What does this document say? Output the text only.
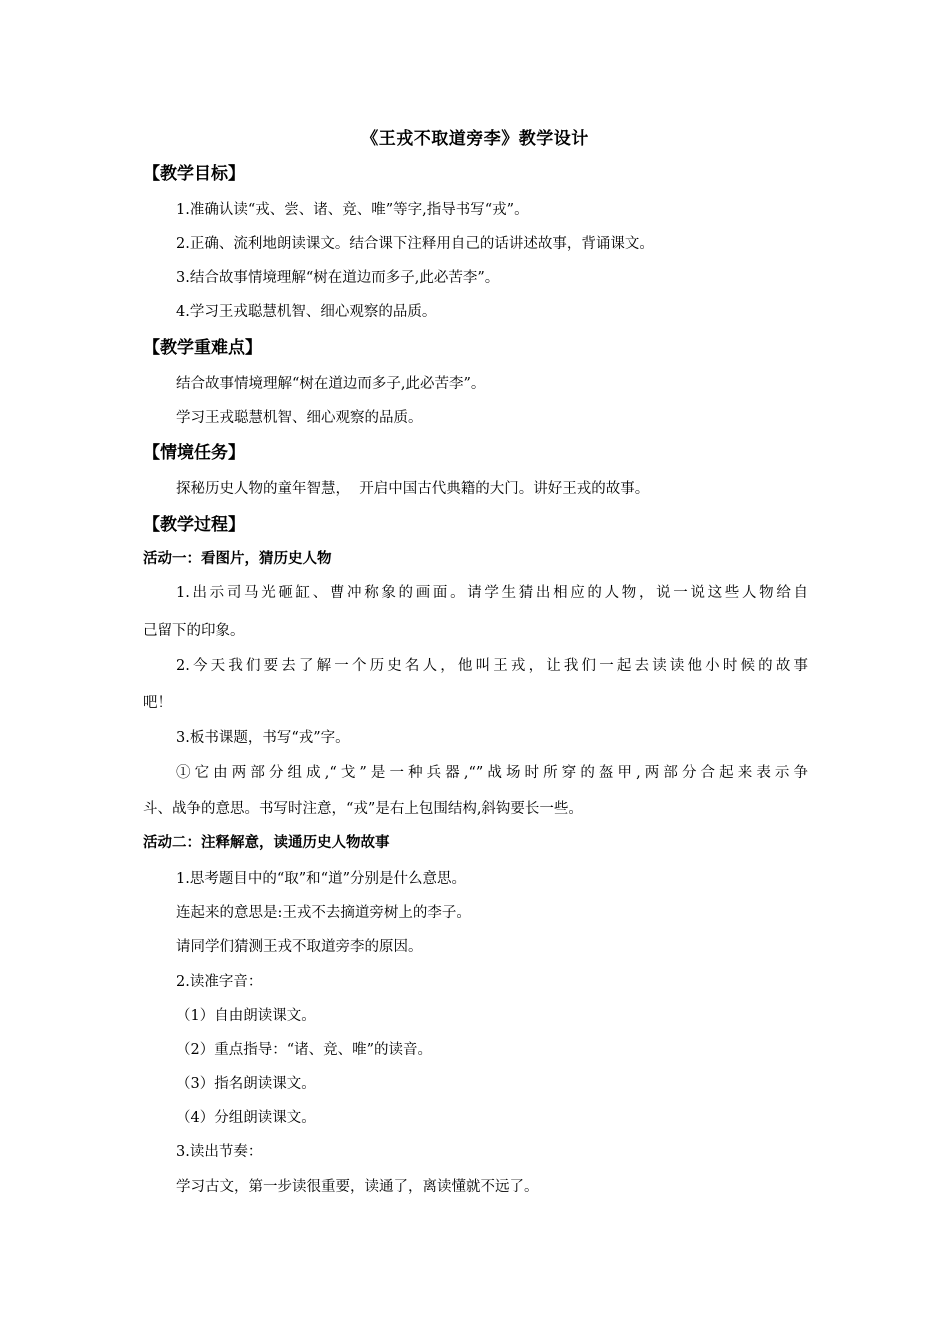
《王戎不取道旁李》教学设计
【教学目标】
1.准确认读“戎、尝、诸、竞、唯”等字,指导书写“戎”。
2.正确、流利地朗读课文。结合课下注释用自己的话讲述故事，背诵课文。
3.结合故事情境理解“树在道边而多子,此必苦李”。
4.学习王戎聪慧机智、细心观察的品质。
【教学重难点】
结合故事情境理解“树在道边而多子,此必苦李”。
学习王戎聪慧机智、细心观察的品质。
【情境任务】
探秘历史人物的童年智慧，  开启中国古代典籍的大门。讲好王戎的故事。
【教学过程】
活动一：看图片，猜历史人物
1.出示司马光砸缸、曹冲称象的画面。请学生猜出相应的人物，说一说这些人物给自
己留下的印象。
2.今天我们要去了解一个历史名人，他叫王戎，让我们一起去读读他小时候的故事
吧！
3.板书课题，书写“戎”字。
①它由两部分组成,“戈”是一种兵器,“”战场时所穿的盔甲,两部分合起来表示争
斗、战争的意思。书写时注意，“戎”是右上包围结构,斜钩要长一些。
活动二：注释解意，读通历史人物故事
1.思考题目中的“取”和“道”分别是什么意思。
连起来的意思是:王戎不去摘道旁树上的李子。
请同学们猜测王戎不取道旁李的原因。
2.读准字音：
（1）自由朗读课文。
（2）重点指导：“诸、竞、唯”的读音。
（3）指名朗读课文。
（4）分组朗读课文。
3.读出节奏：
学习古文，第一步读很重要，读通了，离读懂就不远了。
